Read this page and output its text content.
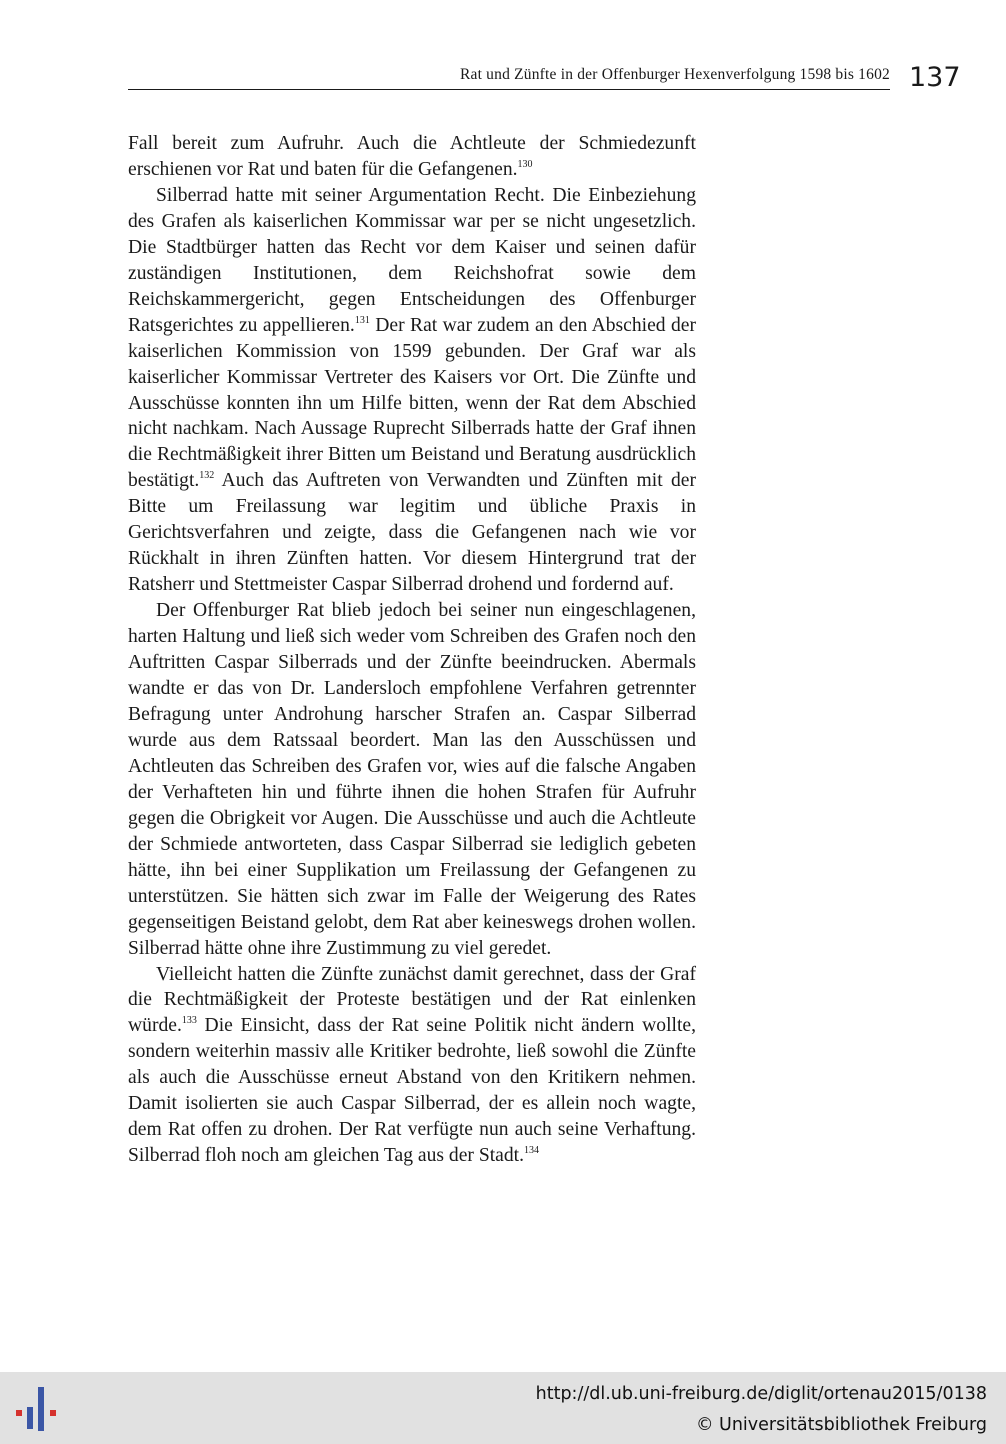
Rat und Zünfte in der Offenburger Hexenverfolgung 1598 bis 1602 137

Fall bereit zum Aufruhr. Auch die Achtleute der Schmiedezunft erschienen vor Rat und baten für die Gefangenen.$^{130}$

Silberrad hatte mit seiner Argumentation Recht. Die Einbeziehung des Grafen als kaiserlichen Kommissar war per se nicht ungesetzlich. Die Stadtbürger hatten das Recht vor dem Kaiser und seinen dafür zuständigen Institutionen, dem Reichshofrat sowie dem Reichskammergericht, gegen Entscheidungen des Offenburger Ratsgerichtes zu appellieren.$^{131}$ Der Rat war zudem an den Abschied der kaiserlichen Kommission von 1599 gebunden. Der Graf war als kaiserlicher Kommissar Vertreter des Kaisers vor Ort. Die Zünfte und Ausschüsse konnten ihn um Hilfe bitten, wenn der Rat dem Abschied nicht nachkam. Nach Aussage Ruprecht Silberrads hatte der Graf ihnen die Rechtmäßigkeit ihrer Bitten um Beistand und Beratung ausdrücklich bestätigt.$^{132}$ Auch das Auftreten von Verwandten und Zünften mit der Bitte um Freilassung war legitim und übliche Praxis in Gerichtsverfahren und zeigte, dass die Gefangenen nach wie vor Rückhalt in ihren Zünften hatten. Vor diesem Hintergrund trat der Ratsherr und Stettmeister Caspar Silberrad drohend und fordernd auf.

Der Offenburger Rat blieb jedoch bei seiner nun eingeschlagenen, harten Haltung und ließ sich weder vom Schreiben des Grafen noch den Auftritten Caspar Silberrads und der Zünfte beeindrucken. Abermals wandte er das von Dr. Landersloch empfohlene Verfahren getrennter Befragung unter Androhung harscher Strafen an. Caspar Silberrad wurde aus dem Ratssaal beordert. Man las den Ausschüssen und Achtleuten das Schreiben des Grafen vor, wies auf die falsche Angaben der Verhafteten hin und führte ihnen die hohen Strafen für Aufruhr gegen die Obrigkeit vor Augen. Die Ausschüsse und auch die Achtleute der Schmiede antworteten, dass Caspar Silberrad sie lediglich gebeten hätte, ihn bei einer Supplikation um Freilassung der Gefangenen zu unterstützen. Sie hätten sich zwar im Falle der Weigerung des Rates gegenseitigen Beistand gelobt, dem Rat aber keineswegs drohen wollen. Silberrad hätte ohne ihre Zustimmung zu viel geredet.

Vielleicht hatten die Zünfte zunächst damit gerechnet, dass der Graf die Rechtmäßigkeit der Proteste bestätigen und der Rat einlenken würde.$^{133}$ Die Einsicht, dass der Rat seine Politik nicht ändern wollte, sondern weiterhin massiv alle Kritiker bedrohte, ließ sowohl die Zünfte als auch die Ausschüsse erneut Abstand von den Kritikern nehmen. Damit isolierten sie auch Caspar Silberrad, der es allein noch wagte, dem Rat offen zu drohen. Der Rat verfügte nun auch seine Verhaftung. Silberrad floh noch am gleichen Tag aus der Stadt.$^{134}$

http://dl.ub.uni-freiburg.de/diglit/ortenau2015/0138
© Universitätsbibliothek Freiburg
